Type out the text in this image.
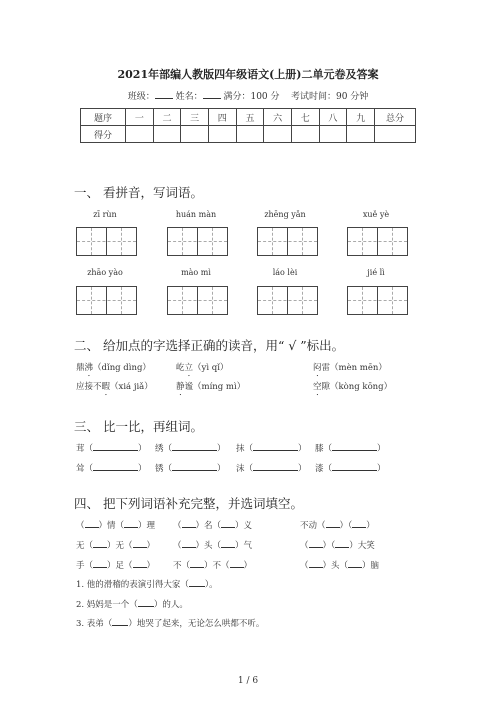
2021年部编人教版四年级语文(上册)二单元卷及答案
班级： 姓名： 满分：100 分 考试时间：90 分钟
题序	一	二	三	四	五	六	七	八	九	总分
得分										
一、 看拼音，写词语。
zī rùn	huán màn	zhēng yǎn	xuě yè
zhāo yào	mào mì	láo lèi	jié lì
二、 给加点的字选择正确的读音，用“ √ ”标出。
鼎沸（dǐng dìng）	屹立（yì qǐ）	闷雷（mèn mēn）
应接不暇（xiá jiǎ）	静谧（míng mì）	空隙（kòng kōng）
三、 比一比，再组词。
茸（	） 绣（	） 抹（	） 膝（	）
耸（	） 锈（	） 沫（	） 漆（	）
四、 把下列词语补充完整，并选词填空。
（ ）情（ ）理 （ ）名（ ）义	不动（ ）（ ）
无（ ）无（ ） （ ）头（ ）气	（ ）（ ）大笑
手（ ）足（ ） 不（ ）不（ ）	（ ）头（ ）脑
1. 他的滑稽的表演引得大家（ ）。
2. 妈妈是一个（ ）的人。
3. 表弟（ ）地哭了起来，无论怎么哄都不听。
1 / 6
